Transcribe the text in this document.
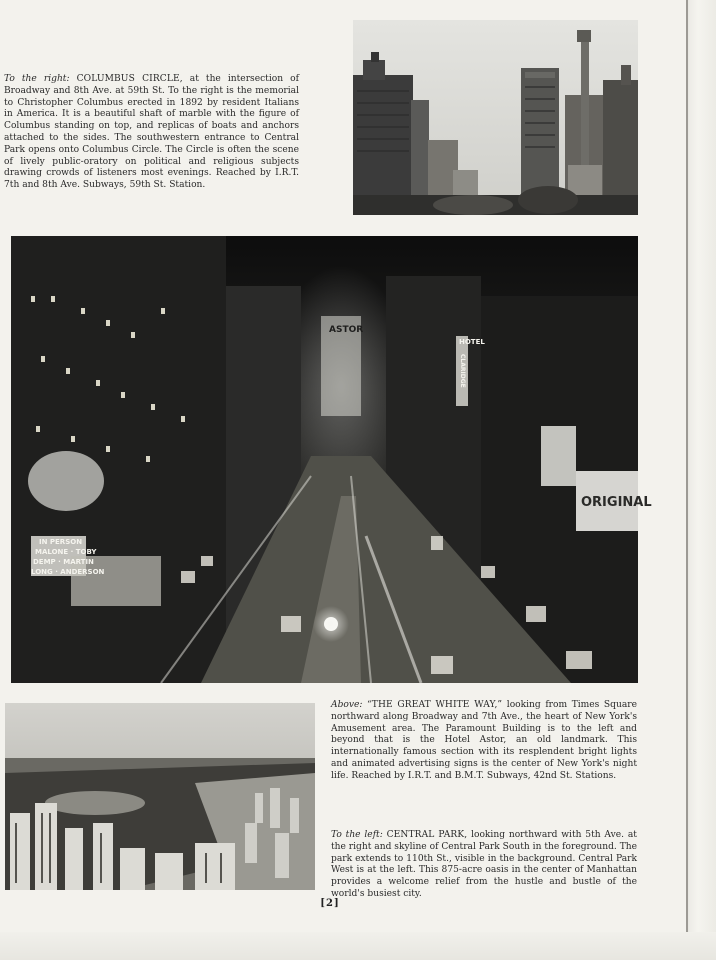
To the right: COLUMBUS CIRCLE, at the intersection of Broadway and 8th Ave. at 59th St. To the right is the memorial to Christopher Columbus erected in 1892 by resident Italians in America. It is a beautiful shaft of marble with the figure of Columbus standing on top, and replicas of boats and anchors attached to the sides. The southwestern entrance to Central Park opens onto Columbus Circle. The Circle is often the scene of lively public-oratory on political and religious subjects drawing crowds of listeners most evenings. Reached by I.R.T. 7th and 8th Ave. Subways, 59th St. Station.
HOTEL
CLARIDGE
IN PERSON
MALONE · TOBY
DEMP · MARTIN
LONG · ANDERSON
ORIGINAL
ASTOR
Above: “THE GREAT WHITE WAY,” looking from Times Square northward along Broadway and 7th Ave., the heart of New York's Amusement area. The Paramount Building is to the left and beyond that is the Hotel Astor, an old landmark. This internationally famous section with its resplendent bright lights and animated advertising signs is the center of New York's night life. Reached by I.R.T. and B.M.T. Subways, 42nd St. Stations.
To the left: CENTRAL PARK, looking northward with 5th Ave. at the right and skyline of Central Park South in the foreground. The park extends to 110th St., visible in the background. Central Park West is at the left. This 875-acre oasis in the center of Manhattan provides a welcome relief from the hustle and bustle of the world's busiest city.
[2]
